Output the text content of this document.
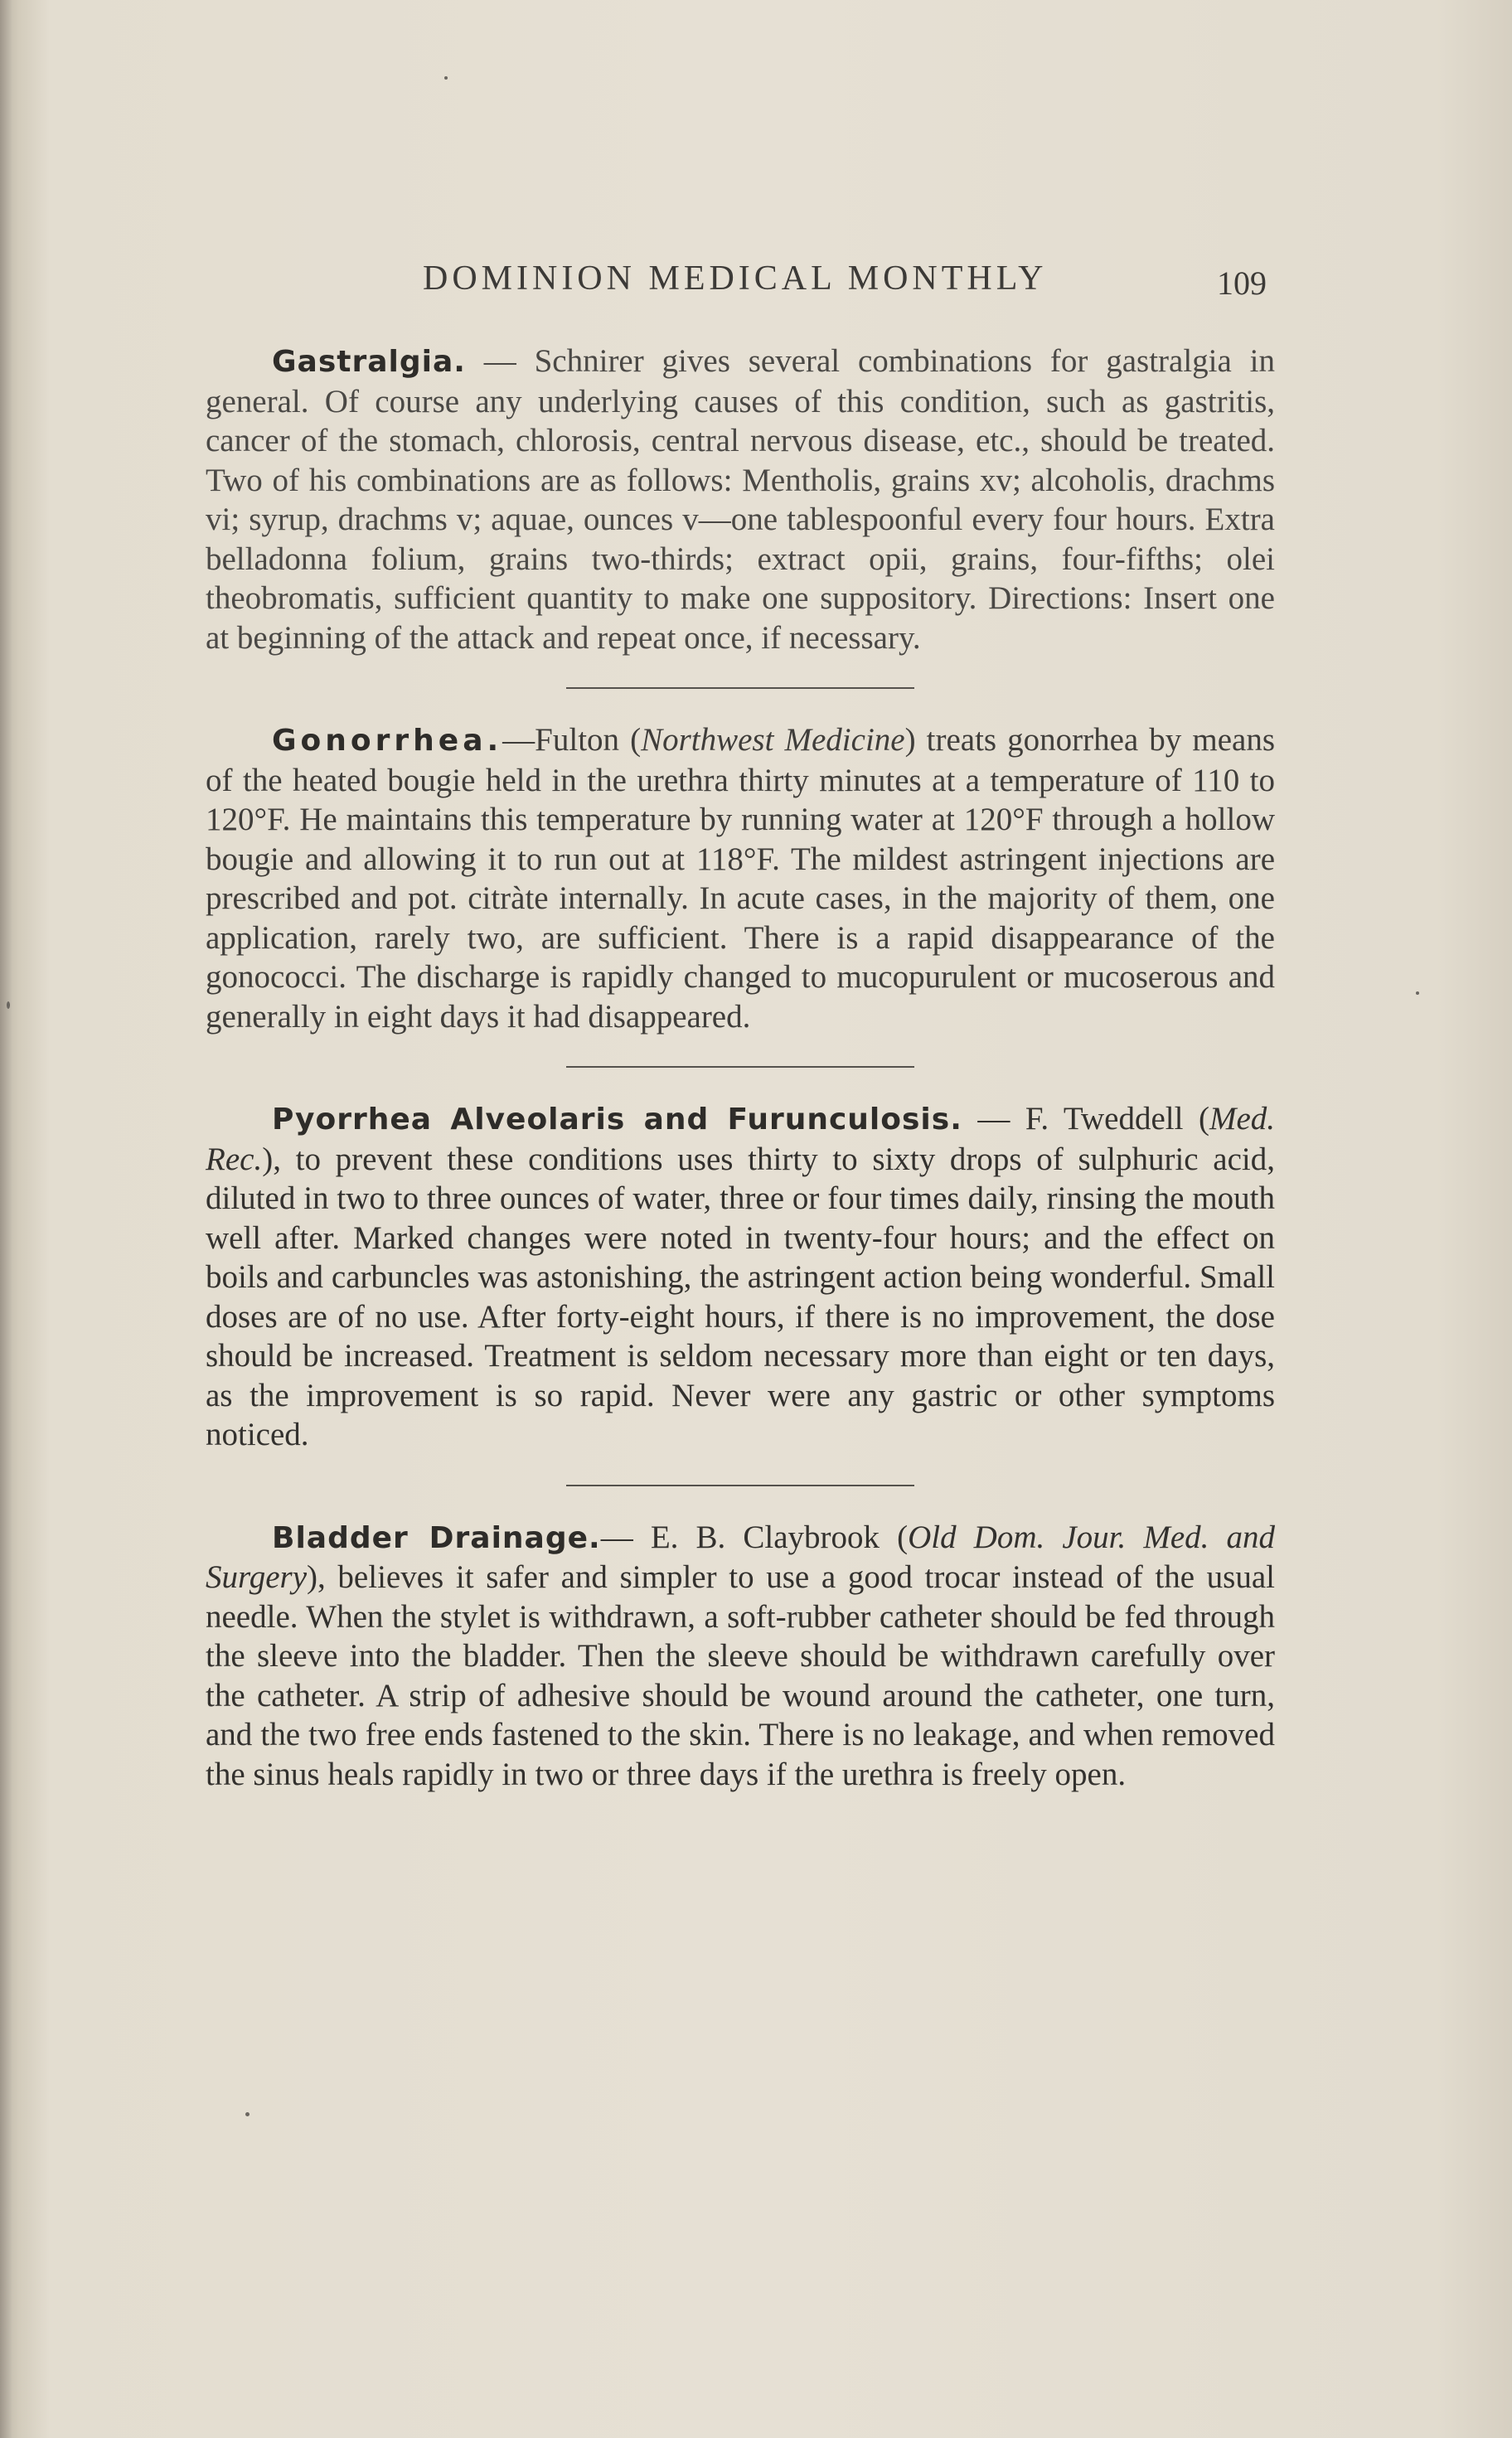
DOMINION MEDICAL MONTHLY	109

Gastralgia. — Schnirer gives several combinations for gastralgia in general. Of course any underlying causes of this condition, such as gastritis, cancer of the stomach, chlorosis, central nervous disease, etc., should be treated. Two of his combinations are as follows: Mentholis, grains xv; alcoholis, drachms vi; syrup, drachms v; aquae, ounces v—one tablespoonful every four hours. Extra belladonna folium, grains two-thirds; extract opii, grains, four-fifths; olei theobromatis, sufficient quantity to make one suppository. Directions: Insert one at beginning of the attack and repeat once, if necessary.

Gonorrhea.—Fulton (Northwest Medicine) treats gonorrhea by means of the heated bougie held in the urethra thirty minutes at a temperature of 110 to 120°F. He maintains this temperature by running water at 120°F through a hollow bougie and allowing it to run out at 118°F. The mildest astringent injections are prescribed and pot. citràte internally. In acute cases, in the majority of them, one application, rarely two, are sufficient. There is a rapid disappearance of the gonococci. The discharge is rapidly changed to mucopurulent or mucoserous and generally in eight days it had disappeared.

Pyorrhea Alveolaris and Furunculosis. — F. Tweddell (Med. Rec.), to prevent these conditions uses thirty to sixty drops of sulphuric acid, diluted in two to three ounces of water, three or four times daily, rinsing the mouth well after. Marked changes were noted in twenty-four hours; and the effect on boils and carbuncles was astonishing, the astringent action being wonderful. Small doses are of no use. After forty-eight hours, if there is no improvement, the dose should be increased. Treatment is seldom necessary more than eight or ten days, as the improvement is so rapid. Never were any gastric or other symptoms noticed.

Bladder Drainage.— E. B. Claybrook (Old Dom. Jour. Med. and Surgery), believes it safer and simpler to use a good trocar instead of the usual needle. When the stylet is withdrawn, a soft-rubber catheter should be fed through the sleeve into the bladder. Then the sleeve should be withdrawn carefully over the catheter. A strip of adhesive should be wound around the catheter, one turn, and the two free ends fastened to the skin. There is no leakage, and when removed the sinus heals rapidly in two or three days if the urethra is freely open.
